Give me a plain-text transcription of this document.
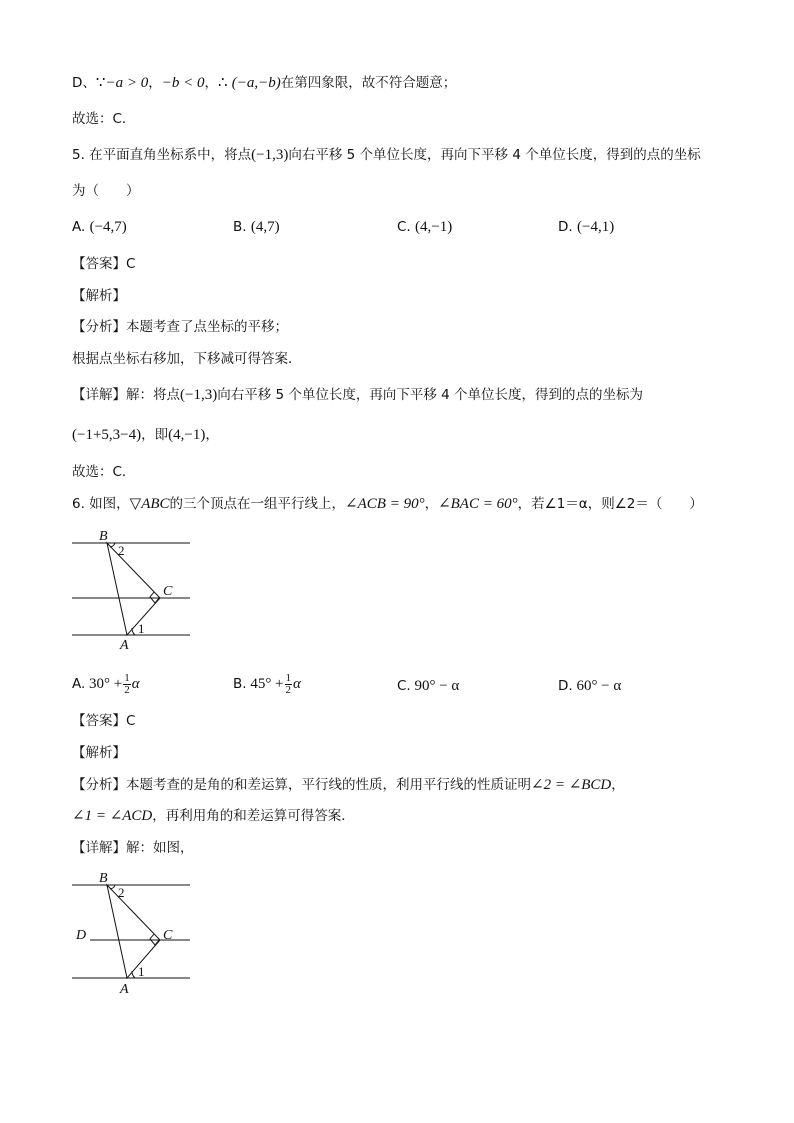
D、∵−a > 0，−b < 0，∴ (−a,−b)在第四象限，故不符合题意；
故选：C．
5. 在平面直角坐标系中，将点(−1,3)向右平移 5 个单位长度，再向下平移 4 个单位长度，得到的点的坐标
为（　　）
A. (−4,7)	B. (4,7)	C. (4,−1)	D. (−4,1)
【答案】C
【解析】
【分析】本题考查了点坐标的平移；
根据点坐标右移加，下移减可得答案．
【详解】解：将点(−1,3)向右平移 5 个单位长度，再向下平移 4 个单位长度，得到的点的坐标为
(−1+5,3−4)，即(4,−1)，
故选：C．
6. 如图，▽ABC的三个顶点在一组平行线上，∠ACB = 90°，∠BAC = 60°，若∠1＝α，则∠2＝（　　）
B
2
C
1
A
A. $30^\circ + \frac{1}{2}$ α	B. $45^\circ + \frac{1}{2}$ α	C. 90° − α	D. 60° − α
【答案】C
【解析】
【分析】本题考查的是角的和差运算，平行线的性质，利用平行线的性质证明∠2 = ∠BCD，
∠1 = ∠ACD，再利用角的和差运算可得答案．
【详解】解：如图，
B
2
D	C
1
A
